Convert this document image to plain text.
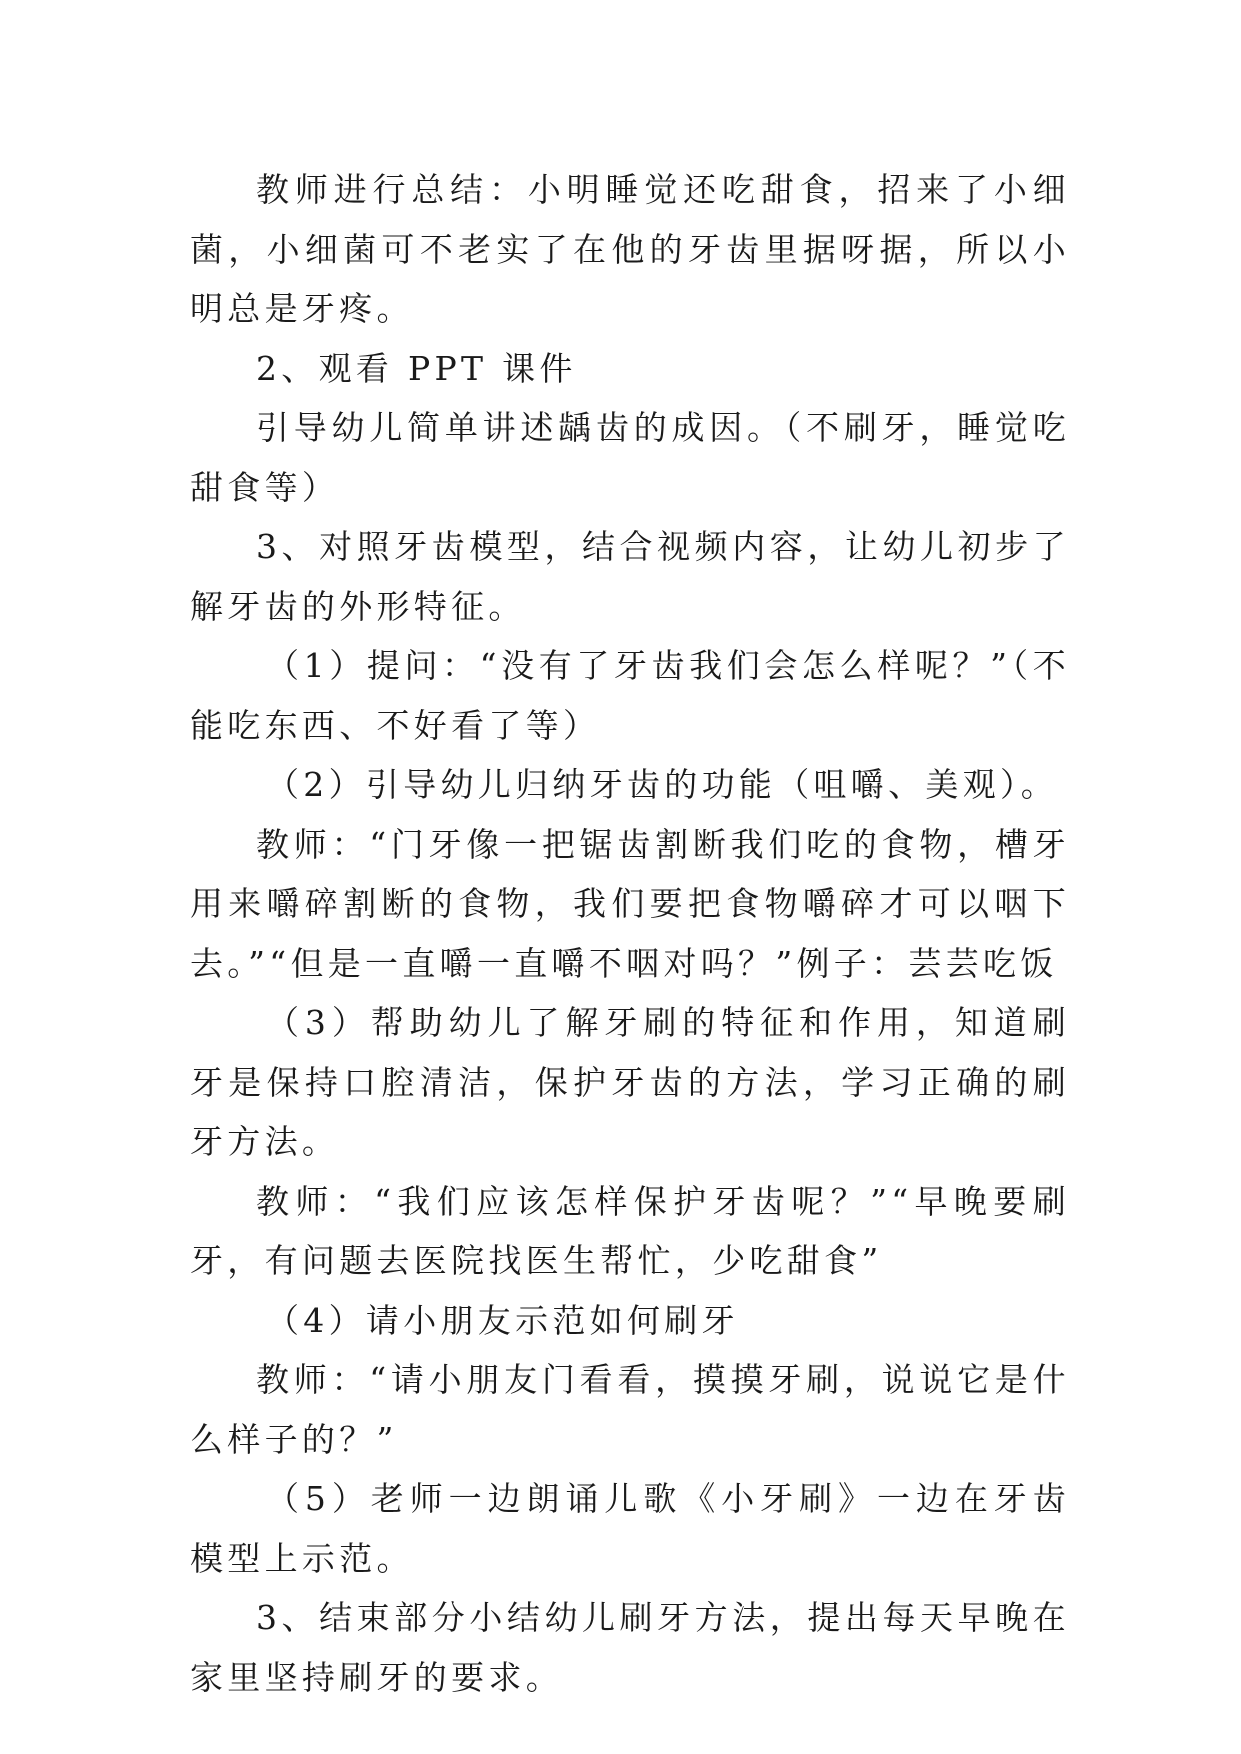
教师进行总结：小明睡觉还吃甜食，招来了小细菌，小细菌可不老实了在他的牙齿里据呀据，所以小明总是牙疼。

2、观看 PPT 课件

引导幼儿简单讲述龋齿的成因。（不刷牙，睡觉吃甜食等）

3、对照牙齿模型，结合视频内容，让幼儿初步了解牙齿的外形特征。

（1）提问：“没有了牙齿我们会怎么样呢？”（不能吃东西、不好看了等）

（2）引导幼儿归纳牙齿的功能（咀嚼、美观）。

教师：“门牙像一把锯齿割断我们吃的食物，槽牙用来嚼碎割断的食物，我们要把食物嚼碎才可以咽下去。”“但是一直嚼一直嚼不咽对吗？”例子：芸芸吃饭

（3）帮助幼儿了解牙刷的特征和作用，知道刷牙是保持口腔清洁，保护牙齿的方法，学习正确的刷牙方法。

教师：“我们应该怎样保护牙齿呢？”“早晚要刷牙，有问题去医院找医生帮忙，少吃甜食”

（4）请小朋友示范如何刷牙

教师：“请小朋友门看看，摸摸牙刷，说说它是什么样子的？”

（5）老师一边朗诵儿歌《小牙刷》一边在牙齿模型上示范。

3、结束部分小结幼儿刷牙方法，提出每天早晚在家里坚持刷牙的要求。
